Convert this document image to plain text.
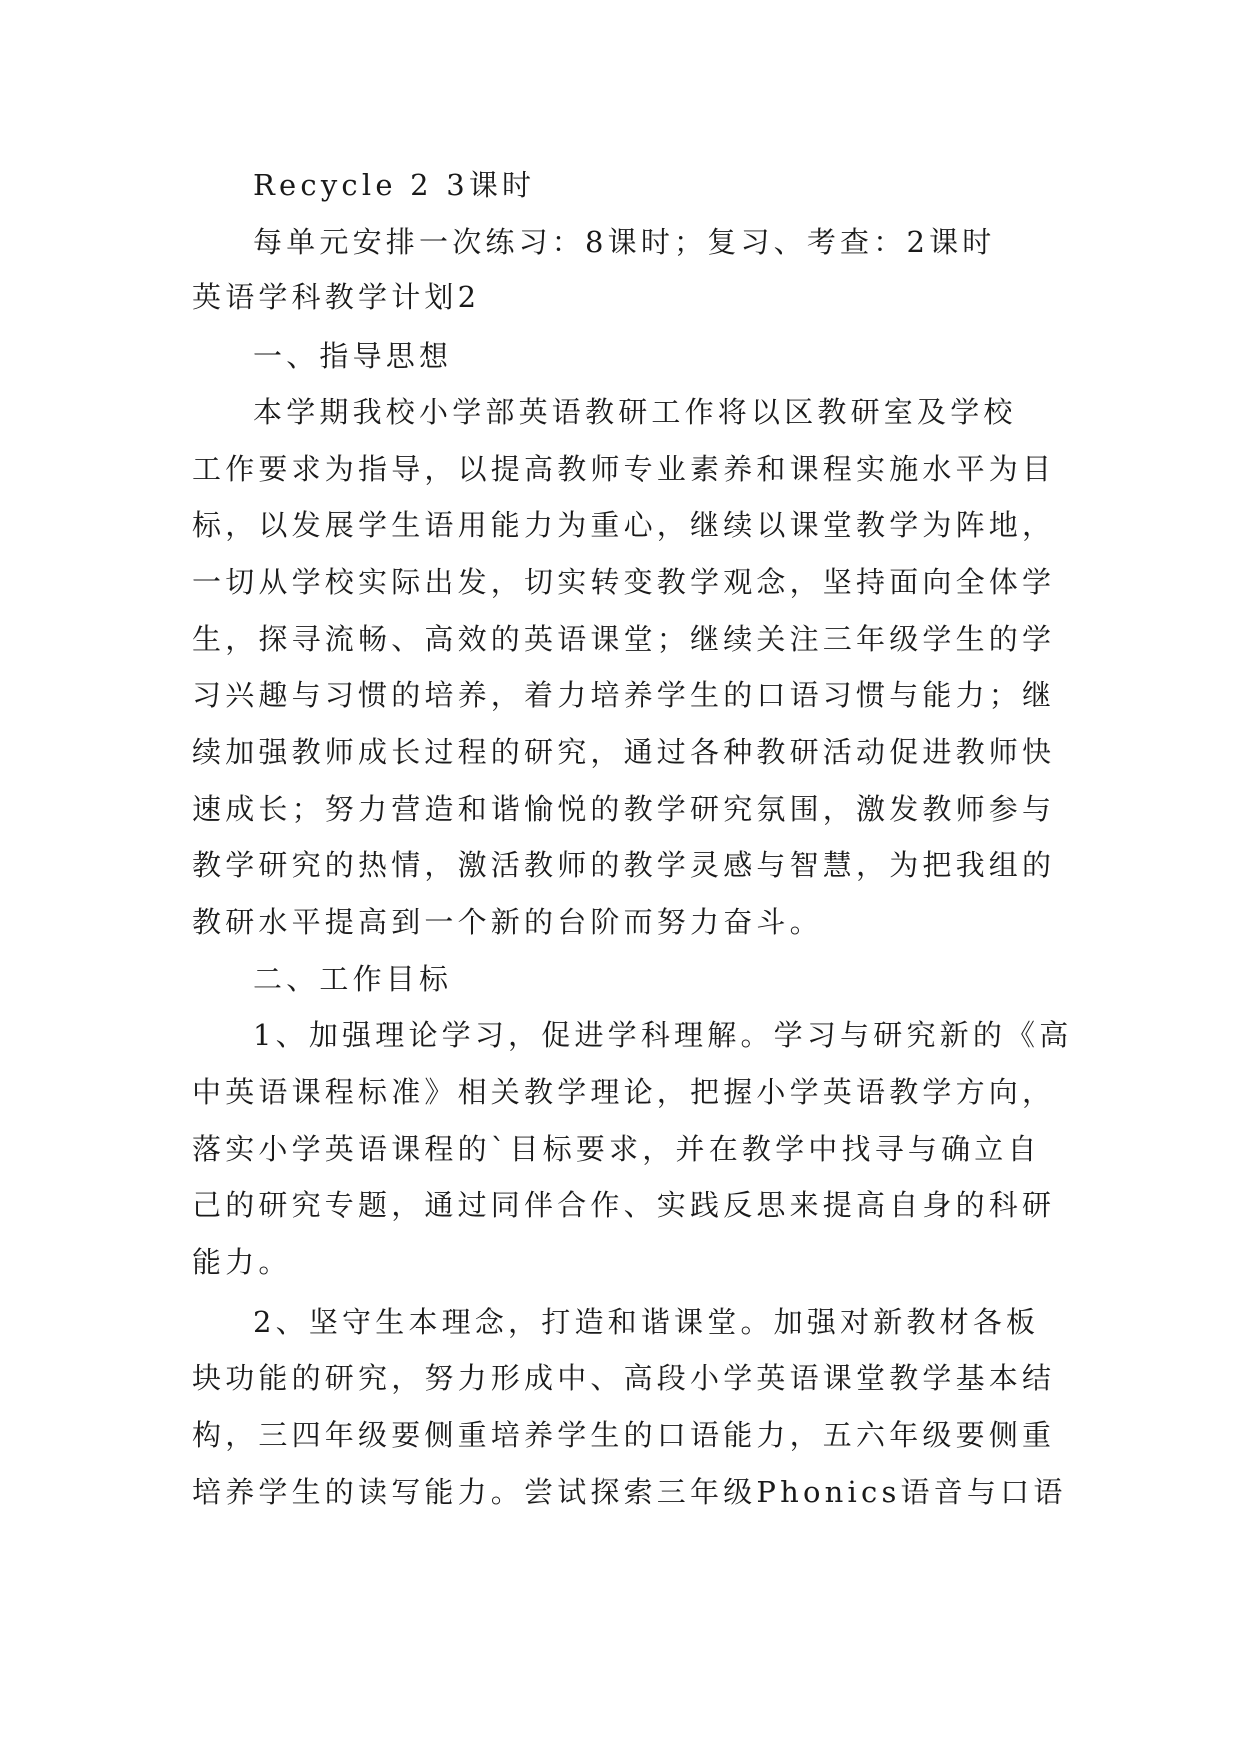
Recycle 2 3课时
每单元安排一次练习：8课时；复习、考查：2课时
英语学科教学计划2
一、指导思想
本学期我校小学部英语教研工作将以区教研室及学校
工作要求为指导，以提高教师专业素养和课程实施水平为目
标，以发展学生语用能力为重心，继续以课堂教学为阵地，
一切从学校实际出发，切实转变教学观念，坚持面向全体学
生，探寻流畅、高效的英语课堂；继续关注三年级学生的学
习兴趣与习惯的培养，着力培养学生的口语习惯与能力；继
续加强教师成长过程的研究，通过各种教研活动促进教师快
速成长；努力营造和谐愉悦的教学研究氛围，激发教师参与
教学研究的热情，激活教师的教学灵感与智慧，为把我组的
教研水平提高到一个新的台阶而努力奋斗。
二、工作目标
1、加强理论学习，促进学科理解。学习与研究新的《高
中英语课程标准》相关教学理论，把握小学英语教学方向，
落实小学英语课程的`目标要求，并在教学中找寻与确立自
己的研究专题，通过同伴合作、实践反思来提高自身的科研
能力。
2、坚守生本理念，打造和谐课堂。加强对新教材各板
块功能的研究，努力形成中、高段小学英语课堂教学基本结
构，三四年级要侧重培养学生的口语能力，五六年级要侧重
培养学生的读写能力。尝试探索三年级Phonics语音与口语
